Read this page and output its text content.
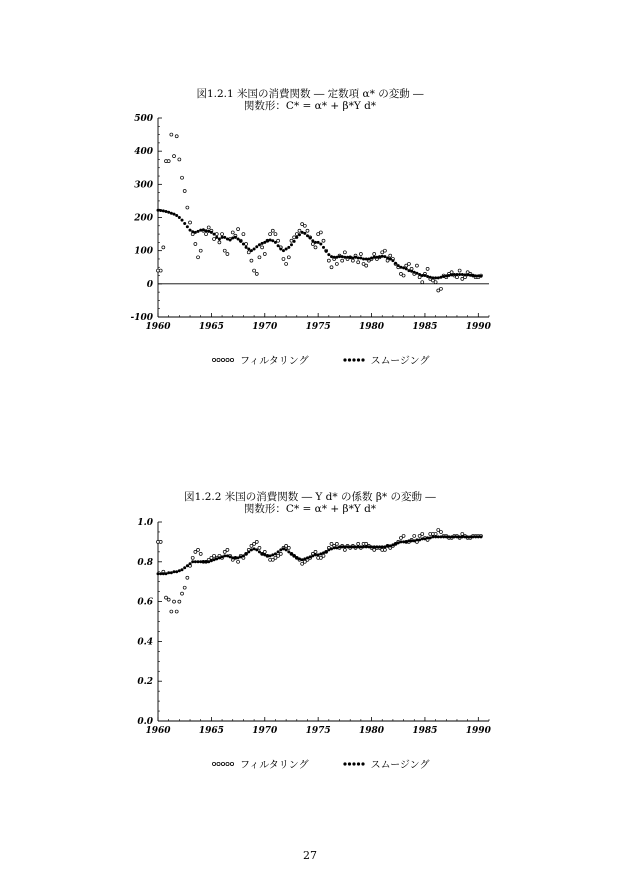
図1.2.1 米国の消費関数 ― 定数項 α* の変動 ―
関数形：C* = α* + β*Y d*
500
400
300
200
100
0
-100
1960	1965	1970	1975	1980	1985	1990
フィルタリング	スムージング
図1.2.2 米国の消費関数 ― Y d* の係数 β* の変動 ―
関数形：C* = α* + β*Y d*
1.0
0.8
0.6
0.4
0.2
0.0
1960	1965	1970	1975	1980	1985	1990
フィルタリング	スムージング
27
